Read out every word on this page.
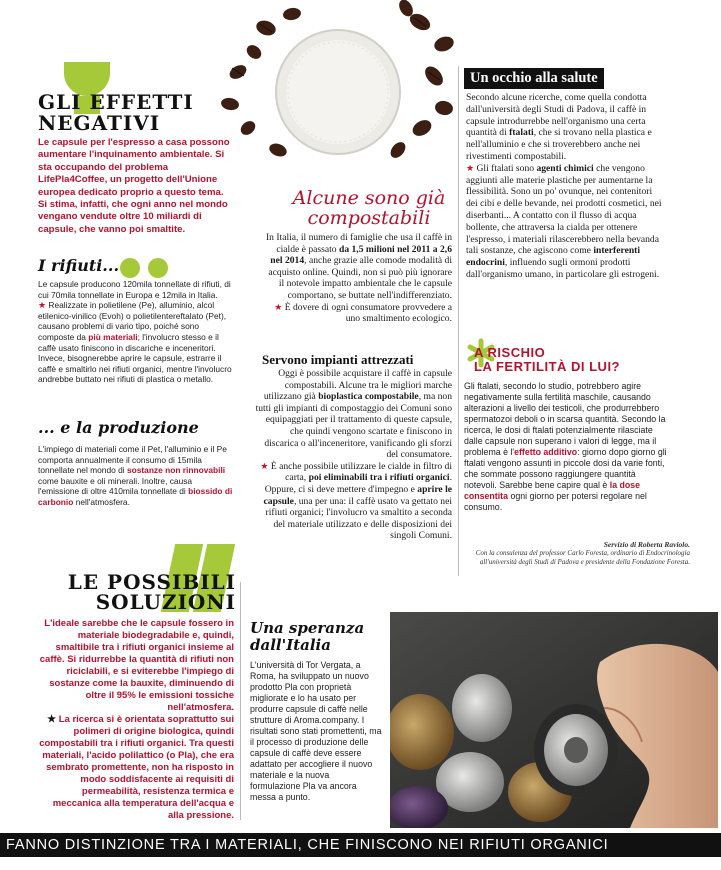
GLI EFFETTI
NEGATIVI
Le capsule per l'espresso a casa possono aumentare l'inquinamento ambientale. Si sta occupando del problema LifePla4Coffee, un progetto dell'Unione europea dedicato proprio a questo tema. Si stima, infatti, che ogni anno nel mondo vengano vendute oltre 10 miliardi di capsule, che vanno poi smaltite.
I rifiuti...

Le capsule producono 120mila tonnellate di rifiuti, di cui 70mila tonnellate in Europa e 12mila in Italia.

★ Realizzate in polietilene (Pe), alluminio, alcol etilenico-vinilico (Evoh) o polietilentereftalato (Pet), causano problemi di vario tipo, poiché sono composte da più materiali; l'involucro stesso e il caffè usato finiscono in discariche e inceneritori. Invece, bisognerebbe aprire le capsule, estrarre il caffè e smaltirlo nei rifiuti organici, mentre l'involucro andrebbe buttato nei rifiuti di plastica o metallo.

... e la produzione

L'impiego di materiali come il Pet, l'alluminio e il Pe comporta annualmente il consumo di 15mila tonnellate nel mondo di sostanze non rinnovabili come bauxite e oli minerali. Inoltre, causa l'emissione di oltre 410mila tonnellate di biossido di carbonio nell'atmosfera.

Alcune sono già
compostabili

In Italia, il numero di famiglie che usa il caffè in cialde è passato da 1,5 milioni nel 2011 a 2,6 nel 2014, anche grazie alle comode modalità di acquisto online. Quindi, non si può più ignorare il notevole impatto ambientale che le capsule comportano, se buttate nell'indifferenziato.

★ È dovere di ogni consumatore provvedere a uno smaltimento ecologico.

Servono impianti attrezzati

Oggi è possibile acquistare il caffè in capsule compostabili. Alcune tra le migliori marche utilizzano già bioplastica compostabile, ma non tutti gli impianti di compostaggio dei Comuni sono equipaggiati per il trattamento di queste capsule, che quindi vengono scartate e finiscono in discarica o all'inceneritore, vanificando gli sforzi del consumatore.

★ È anche possibile utilizzare le cialde in filtro di carta, poi eliminabili tra i rifiuti organici. Oppure, ci si deve mettere d'impegno e aprire le capsule, una per una: il caffè usato va gettato nei rifiuti organici; l'involucro va smaltito a seconda del materiale utilizzato e delle disposizioni dei singoli Comuni.

Un occhio alla salute

Secondo alcune ricerche, come quella condotta dall'università degli Studi di Padova, il caffè in capsule introdurrebbe nell'organismo una certa quantità di ftalati, che si trovano nella plastica e nell'alluminio e che si troverebbero anche nei rivestimenti compostabili.

★ Gli ftalati sono agenti chimici che vengono aggiunti alle materie plastiche per aumentarne la flessibilità. Sono un po' ovunque, nei contenitori dei cibi e delle bevande, nei prodotti cosmetici, nei diserbanti... A contatto con il flusso di acqua bollente, che attraversa la cialda per ottenere l'espresso, i materiali rilascerebbero nella bevanda tali sostanze, che agiscono come interferenti endocrini, influendo sugli ormoni prodotti dall'organismo umano, in particolare gli estrogeni.

A RISCHIO
LA FERTILITÀ DI LUI?

Gli ftalati, secondo lo studio, potrebbero agire negativamente sulla fertilità maschile, causando alterazioni a livello dei testicoli, che produrrebbero spermatozoi deboli o in scarsa quantità. Secondo la ricerca, le dosi di ftalati potenzialmente rilasciate dalle capsule non superano i valori di legge, ma il problema è l'effetto additivo: giorno dopo giorno gli ftalati vengono assunti in piccole dosi da varie fonti, che sommate possono raggiungere quantità notevoli. Sarebbe bene capire qual è la dose consentita ogni giorno per potersi regolare nel consumo.

Servizio di Roberta Raviolo.
Con la consulenza del professor Carlo Foresta, ordinario di Endocrinologia all'università degli Studi di Padova e presidente della Fondazione Foresta.
LE POSSIBILI
SOLUZIONI

L'ideale sarebbe che le capsule fossero in materiale biodegradabile e, quindi, smaltibile tra i rifiuti organici insieme al caffè. Si ridurrebbe la quantità di rifiuti non riciclabili, e si eviterebbe l'impiego di sostanze come la bauxite, diminuendo di oltre il 95% le emissioni tossiche nell'atmosfera.

★ La ricerca si è orientata soprattutto sui polimeri di origine biologica, quindi compostabili tra i rifiuti organici. Tra questi materiali, l'acido polilattico (o Pla), che era sembrato promettente, non ha risposto in modo soddisfacente ai requisiti di permeabilità, resistenza termica e meccanica alla temperatura dell'acqua e alla pressione.

Una speranza
dall'Italia
L'università di Tor Vergata, a Roma, ha sviluppato un nuovo prodotto Pla con proprietà migliorate e lo ha usato per produrre capsule di caffè nelle strutture di Aroma.company. I risultati sono stati promettenti, ma il processo di produzione delle capsule di caffè deve essere adattato per accogliere il nuovo materiale e la nuova formulazione Pla va ancora messa a punto.
FANNO DISTINZIONE TRA I MATERIALI, CHE FINISCONO NEI RIFIUTI ORGANICI
